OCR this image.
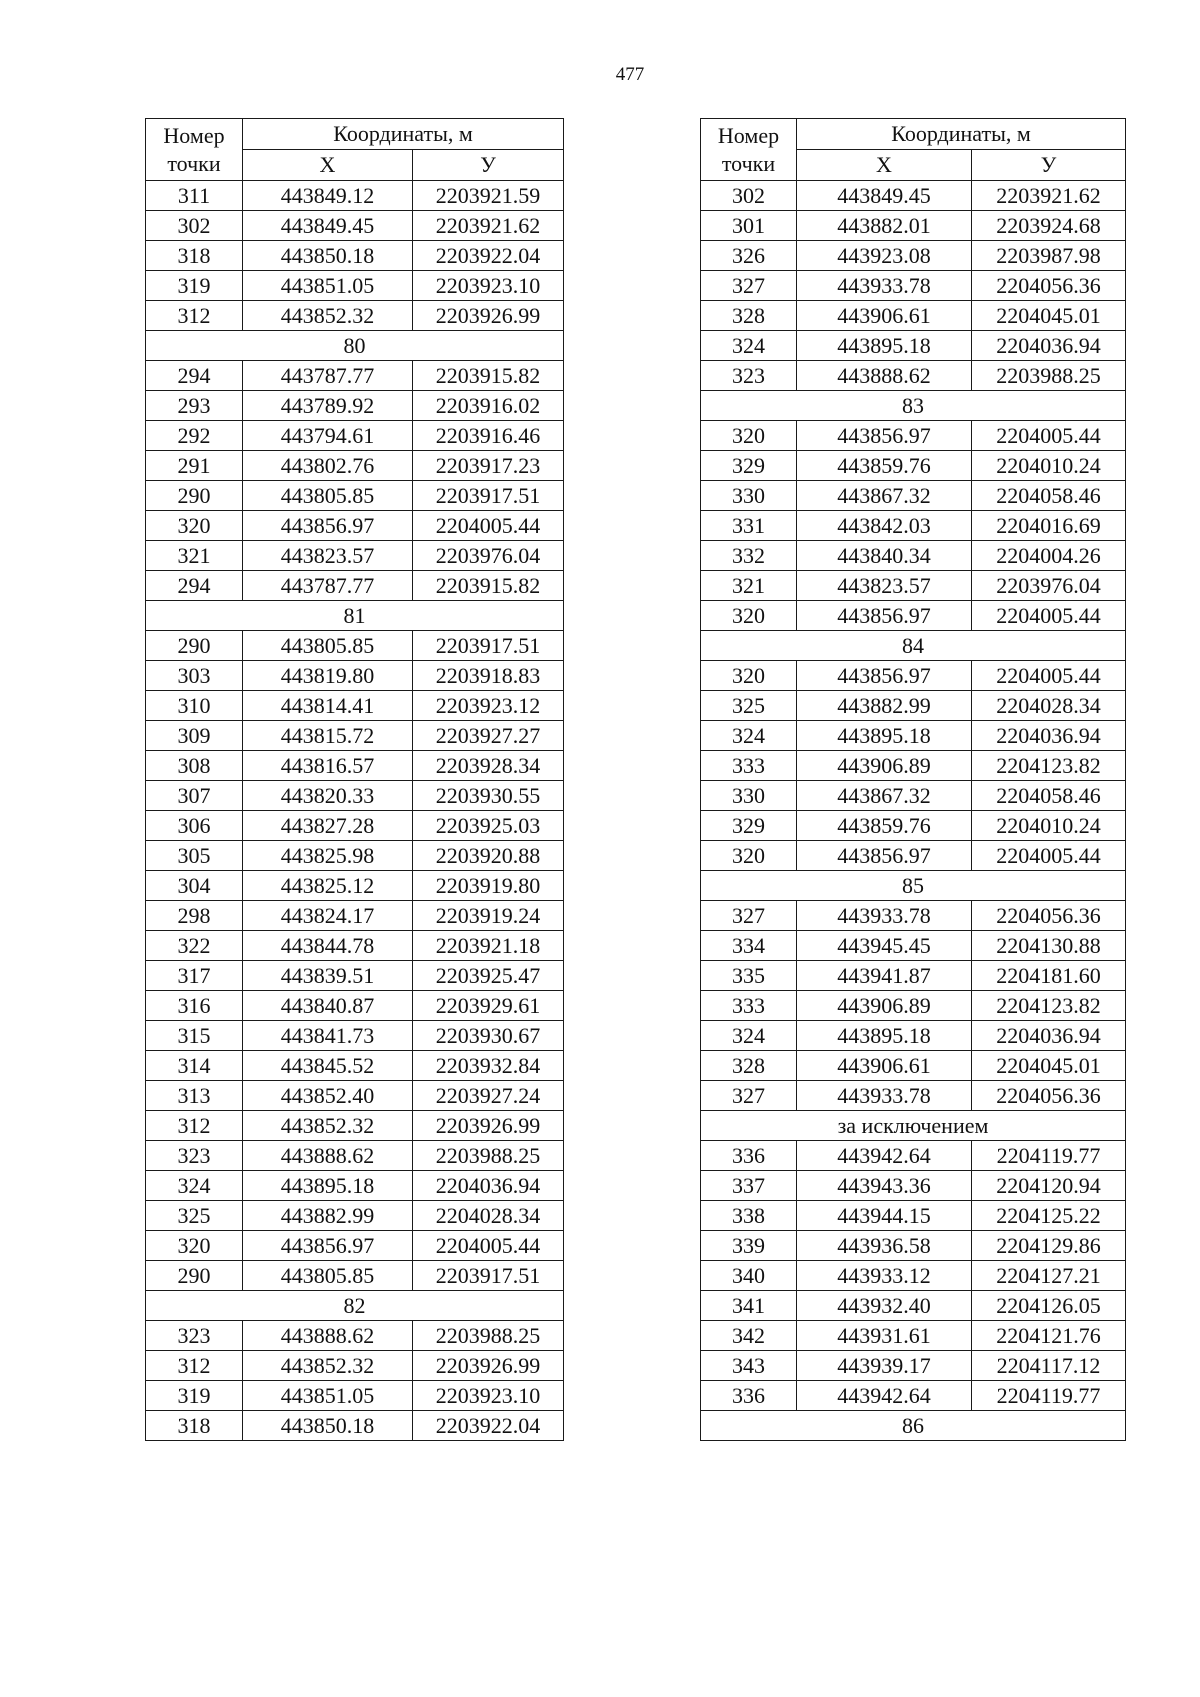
477
Номер точки	Координаты, м	
	Х	У
311	443849.12	2203921.59
302	443849.45	2203921.62
318	443850.18	2203922.04
319	443851.05	2203923.10
312	443852.32	2203926.99
80		
294	443787.77	2203915.82
293	443789.92	2203916.02
292	443794.61	2203916.46
291	443802.76	2203917.23
290	443805.85	2203917.51
320	443856.97	2204005.44
321	443823.57	2203976.04
294	443787.77	2203915.82
81		
290	443805.85	2203917.51
303	443819.80	2203918.83
310	443814.41	2203923.12
309	443815.72	2203927.27
308	443816.57	2203928.34
307	443820.33	2203930.55
306	443827.28	2203925.03
305	443825.98	2203920.88
304	443825.12	2203919.80
298	443824.17	2203919.24
322	443844.78	2203921.18
317	443839.51	2203925.47
316	443840.87	2203929.61
315	443841.73	2203930.67
314	443845.52	2203932.84
313	443852.40	2203927.24
312	443852.32	2203926.99
323	443888.62	2203988.25
324	443895.18	2204036.94
325	443882.99	2204028.34
320	443856.97	2204005.44
290	443805.85	2203917.51
82		
323	443888.62	2203988.25
312	443852.32	2203926.99
319	443851.05	2203923.10
318	443850.18	2203922.04
Номер точки	Координаты, м	
	Х	У
302	443849.45	2203921.62
301	443882.01	2203924.68
326	443923.08	2203987.98
327	443933.78	2204056.36
328	443906.61	2204045.01
324	443895.18	2204036.94
323	443888.62	2203988.25
83		
320	443856.97	2204005.44
329	443859.76	2204010.24
330	443867.32	2204058.46
331	443842.03	2204016.69
332	443840.34	2204004.26
321	443823.57	2203976.04
320	443856.97	2204005.44
84		
320	443856.97	2204005.44
325	443882.99	2204028.34
324	443895.18	2204036.94
333	443906.89	2204123.82
330	443867.32	2204058.46
329	443859.76	2204010.24
320	443856.97	2204005.44
85		
327	443933.78	2204056.36
334	443945.45	2204130.88
335	443941.87	2204181.60
333	443906.89	2204123.82
324	443895.18	2204036.94
328	443906.61	2204045.01
327	443933.78	2204056.36
за исключением		
336	443942.64	2204119.77
337	443943.36	2204120.94
338	443944.15	2204125.22
339	443936.58	2204129.86
340	443933.12	2204127.21
341	443932.40	2204126.05
342	443931.61	2204121.76
343	443939.17	2204117.12
336	443942.64	2204119.77
86		
